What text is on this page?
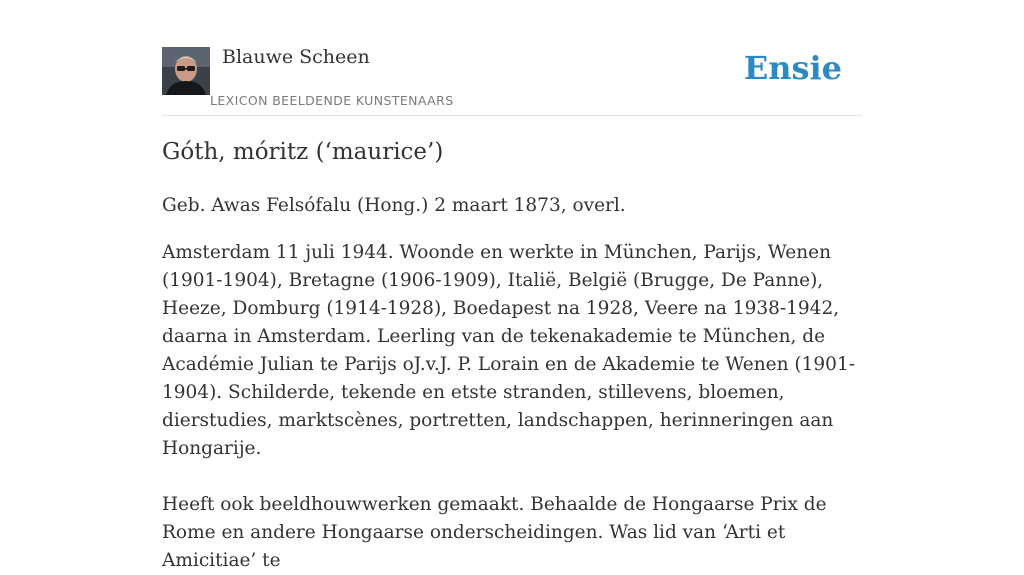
Blauwe Scheen
LEXICON BEELDENDE KUNSTENAARS
Ensie
Góth, móritz (‘maurice’)

Geb. Awas Felsófalu (Hong.) 2 maart 1873, overl.

Amsterdam 11 juli 1944. Woonde en werkte in München, Parijs, Wenen (1901-1904), Bretagne (1906-1909), Italië, België (Brugge, De Panne), Heeze, Domburg (1914-1928), Boedapest na 1928, Veere na 1938-1942, daarna in Amsterdam. Leerling van de tekenakademie te München, de Académie Julian te Parijs oJ.v.J. P. Lorain en de Akademie te Wenen (1901-1904). Schilderde, tekende en etste stranden, stillevens, bloemen, dierstudies, marktscènes, portretten, landschappen, herinneringen aan Hongarije.

Heeft ook beeldhouwwerken gemaakt. Behaalde de Hongaarse Prix de Rome en andere Hongaarse onderscheidingen. Was lid van ‘Arti et Amicitiae’ te
